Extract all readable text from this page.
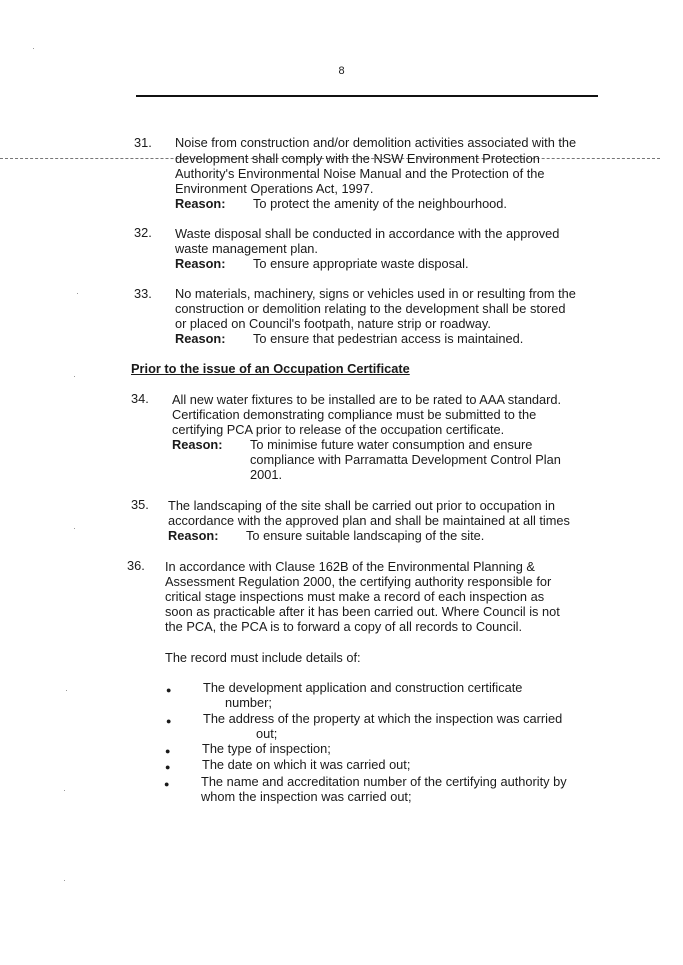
8
31.	Noise from construction and/or demolition activities associated with the
development shall comply with the NSW Environment Protection
Authority's Environmental Noise Manual and the Protection of the
Environment Operations Act, 1997.
Reason: To protect the amenity of the neighbourhood.
32.	Waste disposal shall be conducted in accordance with the approved
waste management plan.
Reason: To ensure appropriate waste disposal.
33.	No materials, machinery, signs or vehicles used in or resulting from the
construction or demolition relating to the development shall be stored
or placed on Council's footpath, nature strip or roadway.
Reason: To ensure that pedestrian access is maintained.
Prior to the issue of an Occupation Certificate
34.	All new water fixtures to be installed are to be rated to AAA standard.
Certification demonstrating compliance must be submitted to the
certifying PCA prior to release of the occupation certificate.
Reason: To minimise future water consumption and ensure
compliance with Parramatta Development Control Plan
2001.
35.	The landscaping of the site shall be carried out prior to occupation in
accordance with the approved plan and shall be maintained at all times
Reason: To ensure suitable landscaping of the site.
36.	In accordance with Clause 162B of the Environmental Planning &
Assessment Regulation 2000, the certifying authority responsible for
critical stage inspections must make a record of each inspection as
soon as practicable after it has been carried out. Where Council is not
the PCA, the PCA is to forward a copy of all records to Council.
The record must include details of:
● The development application and construction certificate
number;
● The address of the property at which the inspection was carried
out;
● The type of inspection;
● The date on which it was carried out;
● The name and accreditation number of the certifying authority by
whom the inspection was carried out;
